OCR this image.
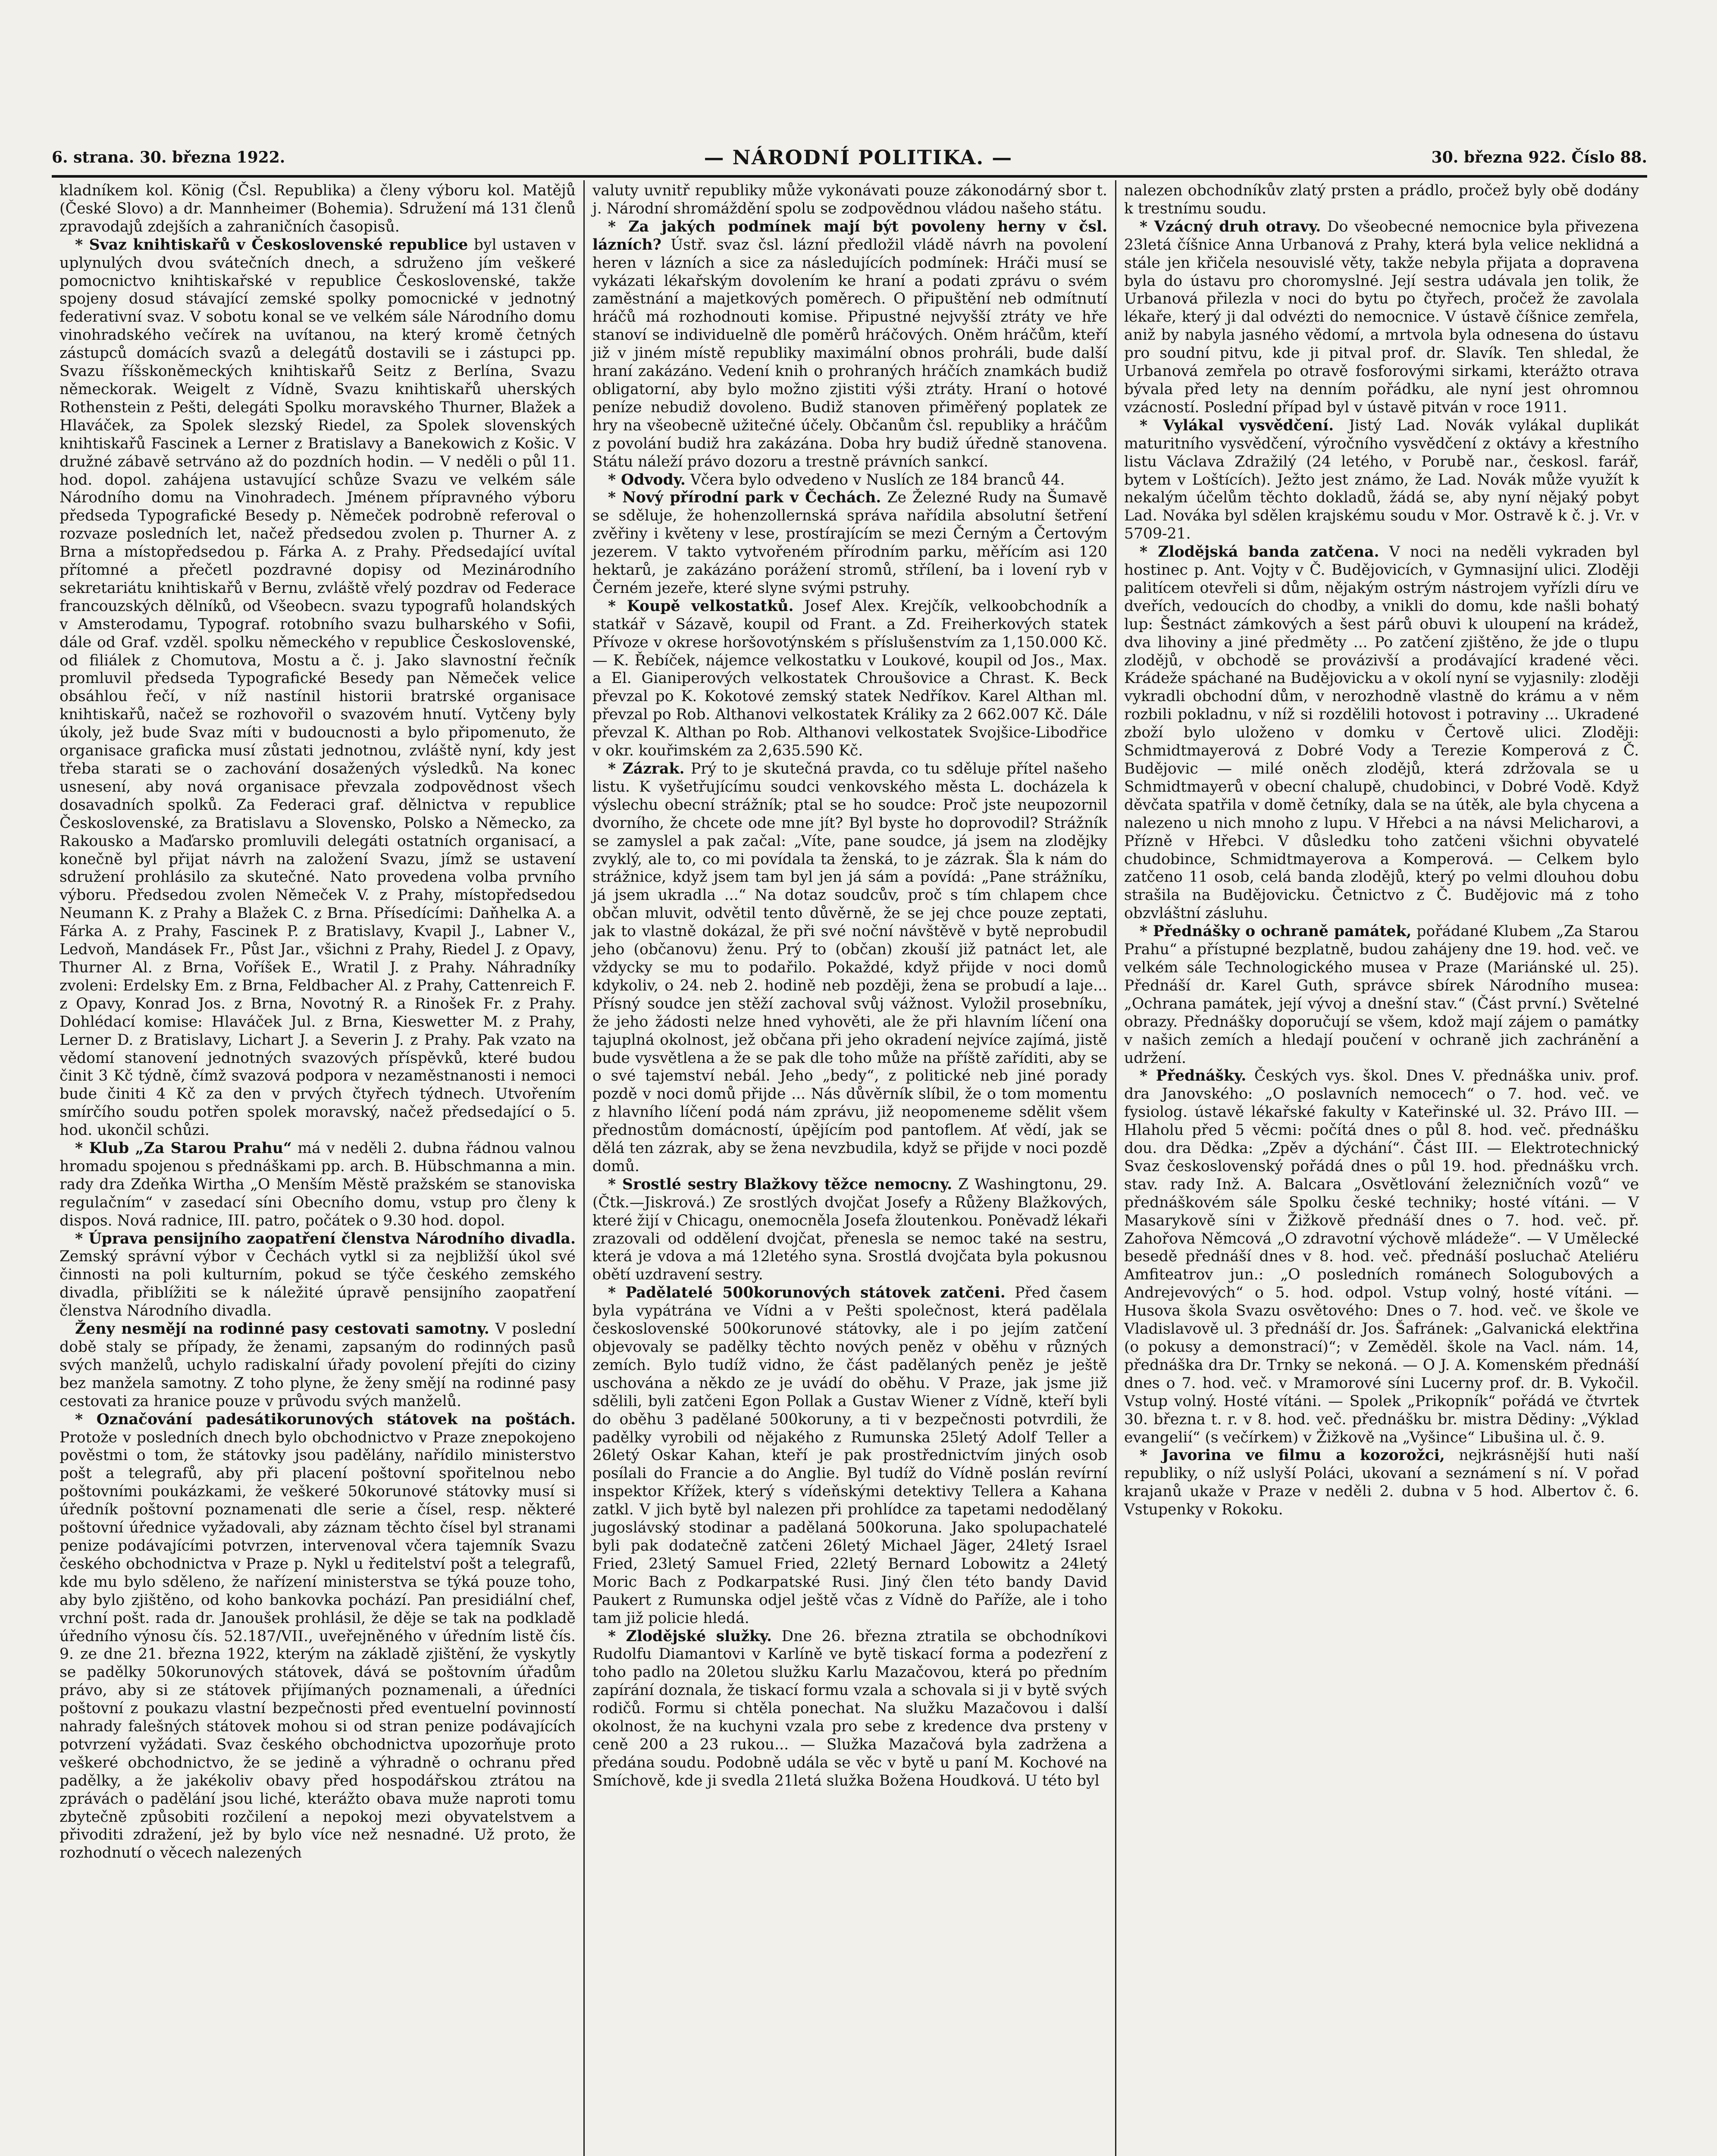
6. strana. 30. března 1922.	— NÁRODNÍ POLITIKA. —	30. března 922. Číslo 88.

kladníkem kol. König (Čsl. Republika) a členy výboru kol. Matějů (České Slovo) a dr. Mannheimer (Bohemia). Sdružení má 131 členů zpravodajů zdejších a zahraničních časopisů.

* Svaz knihtiskařů v Československé republice byl ustaven v uplynulých dvou svátečních dnech, a sdruženo jím veškeré pomocnictvo knihtiskařské v republice Československé, takže spojeny dosud stávající zemské spolky pomocnické v jednotný federativní svaz. V sobotu konal se ve velkém sále Národního domu vinohradského večírek na uvítanou, na který kromě četných zástupců domácích svazů a delegátů dostavili se i zástupci pp. Svazu říšskoněmeckých knihtiskařů Seitz z Berlína, Svazu německorak. Weigelt z Vídně, Svazu knihtiskařů uherských Rothenstein z Pešti, delegáti Spolku moravského Thurner, Blažek a Hlaváček, za Spolek slezský Riedel, za Spolek slovenských knihtiskařů Fascinek a Lerner z Bratislavy a Banekowich z Košic. V družné zábavě setrváno až do pozdních hodin. — V neděli o půl 11. hod. dopol. zahájena ustavující schůze Svazu ve velkém sále Národního domu na Vinohradech. Jménem přípravného výboru předseda Typografické Besedy p. Němeček podrobně referoval o rozvaze posledních let, načež předsedou zvolen p. Thurner A. z Brna a místopředsedou p. Fárka A. z Prahy. Předsedající uvítal přítomné a přečetl pozdravné dopisy od Mezinárodního sekretariátu knihtiskařů v Bernu, zvláště vřelý pozdrav od Federace francouzských dělníků, od Všeobecn. svazu typografů holandských v Amsterodamu, Typograf. rotobního svazu bulharského v Sofii, dále od Graf. vzděl. spolku německého v republice Československé, od filiálek z Chomutova, Mostu a č. j. Jako slavnostní řečník promluvil předseda Typografické Besedy pan Němeček velice obsáhlou řečí, v níž nastínil historii bratrské organisace knihtiskařů, načež se rozhovořil o svazovém hnutí. Vytčeny byly úkoly, jež bude Svaz míti v budoucnosti a bylo připomenuto, že organisace graficka musí zůstati jednotnou, zvláště nyní, kdy jest třeba starati se o zachování dosažených výsledků. Na konec usnesení, aby nová organisace převzala zodpovědnost všech dosavadních spolků. Za Federaci graf. dělnictva v republice Československé, za Bratislavu a Slovensko, Polsko a Německo, za Rakousko a Maďarsko promluvili delegáti ostatních organisací, a konečně byl přijat návrh na založení Svazu, jímž se ustavení sdružení prohlásilo za skutečné. Nato provedena volba prvního výboru. Předsedou zvolen Němeček V. z Prahy, místopředsedou Neumann K. z Prahy a Blažek C. z Brna. Přísedícími: Daňhelka A. a Fárka A. z Prahy, Fascinek P. z Bratislavy, Kvapil J., Labner V., Ledvoň, Mandásek Fr., Půst Jar., všichni z Prahy, Riedel J. z Opavy, Thurner Al. z Brna, Voříšek E., Wratil J. z Prahy. Náhradníky zvoleni: Erdelsky Em. z Brna, Feldbacher Al. z Prahy, Cattenreich F. z Opavy, Konrad Jos. z Brna, Novotný R. a Rinošek Fr. z Prahy. Dohlédací komise: Hlaváček Jul. z Brna, Kieswetter M. z Prahy, Lerner D. z Bratislavy, Lichart J. a Severin J. z Prahy. Pak vzato na vědomí stanovení jednotných svazových příspěvků, které budou činit 3 Kč týdně, čímž svazová podpora v nezaměstnanosti i nemoci bude činiti 4 Kč za den v prvých čtyřech týdnech. Utvořením smírčího soudu potřen spolek moravský, načež předsedající o 5. hod. ukončil schůzi.

* Klub „Za Starou Prahu“ má v neděli 2. dubna řádnou valnou hromadu spojenou s přednáškami pp. arch. B. Hübschmanna a min. rady dra Zdeňka Wirtha „O Menším Městě pražském se stanoviska regulačním“ v zasedací síni Obecního domu, vstup pro členy k dispos. Nová radnice, III. patro, počátek o 9.30 hod. dopol.

* Úprava pensijního zaopatření členstva Národního divadla. Zemský správní výbor v Čechách vytkl si za nejbližší úkol své činnosti na poli kulturním, pokud se týče českého zemského divadla, přiblížiti se k náležité úpravě pensijního zaopatření členstva Národního divadla.

Ženy nesmějí na rodinné pasy cestovati samotny. V poslední době staly se případy, že ženami, zapsaným do rodinných pasů svých manželů, uchylo radiskalní úřady povolení přejíti do ciziny bez manžela samotny. Z toho plyne, že ženy smějí na rodinné pasy cestovati za hranice pouze v průvodu svých manželů.

* Označování padesátikorunových státovek na poštách. Protože v posledních dnech bylo obchodnictvo v Praze znepokojeno pověstmi o tom, že státovky jsou padělány, nařídilo ministerstvo pošt a telegrafů, aby při placení poštovní spořitelnou nebo poštovními poukázkami, že veškeré 50korunové státovky musí si úředník poštovní poznamenati dle serie a čísel, resp. některé poštovní úřednice vyžadovali, aby záznam těchto čísel byl stranami penize podávajícími potvrzen, intervenoval včera tajemník Svazu českého obchodnictva v Praze p. Nykl u ředitelství pošt a telegrafů, kde mu bylo sděleno, že nařízení ministerstva se týká pouze toho, aby bylo zjištěno, od koho bankovka pochází. Pan presidiální chef, vrchní pošt. rada dr. Janoušek prohlásil, že děje se tak na podkladě úředního výnosu čís. 52.187/VII., uveřejněného v úředním listě čís. 9. ze dne 21. března 1922, kterým na základě zjištění, že vyskytly se padělky 50korunových státovek, dává se poštovním úřadům právo, aby si ze státovek přijímaných poznamenali, a úředníci poštovní z poukazu vlastní bezpečnosti před eventuelní povinností nahrady falešných státovek mohou si od stran penize podávajících potvrzení vyžádati. Svaz českého obchodnictva upozorňuje proto veškeré obchodnictvo, že se jedině a výhradně o ochranu před padělky, a že jakékoliv obavy před hospodářskou ztrátou na zprávách o padělání jsou liché, kterážto obava muže naproti tomu zbytečně způsobiti rozčilení a nepokoj mezi obyvatelstvem a přivoditi zdražení, jež by bylo více než nesnadné. Už proto, že rozhodnutí o věcech nalezených

valuty uvnitř republiky může vykonávati pouze zákonodárný sbor t. j. Národní shromáždění spolu se zodpovědnou vládou našeho státu.

* Za jakých podmínek mají být povoleny herny v čsl. lázních? Ústř. svaz čsl. lázní předložil vládě návrh na povolení heren v lázních a sice za následujících podmínek: Hráči musí se vykázati lékařským dovolením ke hraní a podati zprávu o svém zaměstnání a majetkových poměrech. O připuštění neb odmítnutí hráčů má rozhodnouti komise. Připustné nejvyšší ztráty ve hře stanoví se individuelně dle poměrů hráčových. Oněm hráčům, kteří již v jiném místě republiky maximální obnos prohráli, bude další hraní zakázáno. Vedení knih o prohraných hráčích znamkách budiž obligatorní, aby bylo možno zjistiti výši ztráty. Hraní o hotové peníze nebudiž dovoleno. Budiž stanoven přiměřený poplatek ze hry na všeobecně užitečné účely. Občanům čsl. republiky a hráčům z povolání budiž hra zakázána. Doba hry budiž úředně stanovena. Státu náleží právo dozoru a trestně právních sankcí.

* Odvody. Včera bylo odvedeno v Nuslích ze 184 branců 44.

* Nový přírodní park v Čechách. Ze Železné Rudy na Šumavě se sděluje, že hohenzollernská správa nařídila absolutní šetření zvěřiny i květeny v lese, prostírajícím se mezi Černým a Čertovým jezerem. V takto vytvořeném přírodním parku, měřícím asi 120 hektarů, je zakázáno porážení stromů, střílení, ba i lovení ryb v Černém jezeře, které slyne svými pstruhy.

* Koupě velkostatků. Josef Alex. Krejčík, velkoobchodník a statkář v Sázavě, koupil od Frant. a Zd. Freiherkových statek Přívoze v okrese horšovotýnském s příslušenstvím za 1,150.000 Kč. — K. Řebíček, nájemce velkostatku v Loukové, koupil od Jos., Max. a El. Gianiperových velkostatek Chroušovice a Chrast. K. Beck převzal po K. Kokotové zemský statek Nedříkov. Karel Althan ml. převzal po Rob. Althanovi velkostatek Králiky za 2 662.007 Kč. Dále převzal K. Althan po Rob. Althanovi velkostatek Svojšice-Libodřice v okr. kouřimském za 2,635.590 Kč.

* Zázrak. Prý to je skutečná pravda, co tu sděluje přítel našeho listu. K vyšetřujícímu soudci venkovského města L. docházela k výslechu obecní strážník; ptal se ho soudce: Proč jste neupozornil dvorního, že chcete ode mne jít? Byl byste ho doprovodil? Strážník se zamyslel a pak začal: „Víte, pane soudce, já jsem na zlodějky zvyklý, ale to, co mi povídala ta ženská, to je zázrak. Šla k nám do strážnice, když jsem tam byl jen já sám a povídá: „Pane strážníku, já jsem ukradla ...“ Na dotaz soudcův, proč s tím chlapem chce občan mluvit, odvětil tento důvěrně, že se jej chce pouze zeptati, jak to vlastně dokázal, že při své noční návštěvě v bytě neprobudil jeho (občanovu) ženu. Prý to (občan) zkouší již patnáct let, ale vždycky se mu to podařilo. Pokaždé, když přijde v noci domů kdykoliv, o 24. neb 2. hodině neb později, žena se probudí a laje... Přísný soudce jen stěží zachoval svůj vážnost. Vyložil prosebníku, že jeho žádosti nelze hned vyhověti, ale že při hlavním líčení ona tajuplná okolnost, jež občana při jeho okradení nejvíce zajímá, jistě bude vysvětlena a že se pak dle toho může na příště zaříditi, aby se o své tajemství nebál. Jeho „bedy“, z politické neb jiné porady pozdě v noci domů přijde ... Nás důvěrník slíbil, že o tom momentu z hlavního líčení podá nám zprávu, již neopomeneme sdělit všem přednostům domácností, úpějícím pod pantoflem. Ať vědí, jak se dělá ten zázrak, aby se žena nevzbudila, když se přijde v noci pozdě domů.

* Srostlé sestry Blažkovy těžce nemocny. Z Washingtonu, 29. (Čtk.—Jiskrová.) Ze srostlých dvojčat Josefy a Růženy Blažkových, které žijí v Chicagu, onemocněla Josefa žloutenkou. Poněvadž lékaři zrazovali od oddělení dvojčat, přenesla se nemoc také na sestru, která je vdova a má 12letého syna. Srostlá dvojčata byla pokusnou obětí uzdravení sestry.

* Padělatelé 500korunových státovek zatčeni. Před časem byla vypátrána ve Vídni a v Pešti společnost, která padělala československé 500korunové státovky, ale i po jejím zatčení objevovaly se padělky těchto nových peněz v oběhu v různých zemích. Bylo tudíž vidno, že část padělaných peněz je ještě uschována a někdo ze je uvádí do oběhu. V Praze, jak jsme již sdělili, byli zatčeni Egon Pollak a Gustav Wiener z Vídně, kteří byli do oběhu 3 padělané 500koruny, a ti v bezpečnosti potvrdili, že padělky vyrobili od nějakého z Rumunska 25letý Adolf Teller a 26letý Oskar Kahan, kteří je pak prostřednictvím jiných osob posílali do Francie a do Anglie. Byl tudíž do Vídně poslán revírní inspektor Křížek, který s vídeňskými detektivy Tellera a Kahana zatkl. V jich bytě byl nalezen při prohlídce za tapetami nedodělaný jugoslávský stodinar a padělaná 500koruna. Jako spolupachatelé byli pak dodatečně zatčeni 26letý Michael Jäger, 24letý Israel Fried, 23letý Samuel Fried, 22letý Bernard Lobowitz a 24letý Moric Bach z Podkarpatské Rusi. Jiný člen této bandy David Paukert z Rumunska odjel ještě včas z Vídně do Paříže, ale i toho tam již policie hledá.

* Zlodějské služky. Dne 26. března ztratila se obchodníkovi Rudolfu Diamantovi v Karlíně ve bytě tiskací forma a podezření z toho padlo na 20letou služku Karlu Mazačovou, která po předním zapírání doznala, že tiskací formu vzala a schovala si ji v bytě svých rodičů. Formu si chtěla ponechat. Na služku Mazačovou i další okolnost, že na kuchyni vzala pro sebe z kredence dva prsteny v ceně 200 a 23 rukou... — Služka Mazačová byla zadržena a předána soudu. Podobně udála se věc v bytě u paní M. Kochové na Smíchově, kde ji svedla 21letá služka Božena Houdková. U této byl

nalezen obchodníkův zlatý prsten a prádlo, pročež byly obě dodány k trestnímu soudu.

* Vzácný druh otravy. Do všeobecné nemocnice byla přivezena 23letá číšnice Anna Urbanová z Prahy, která byla velice neklidná a stále jen křičela nesouvislé věty, takže nebyla přijata a dopravena byla do ústavu pro choromyslné. Její sestra udávala jen tolik, že Urbanová přilezla v noci do bytu po čtyřech, pročež že zavolala lékaře, který ji dal odvézti do nemocnice. V ústavě číšnice zemřela, aniž by nabyla jasného vědomí, a mrtvola byla odnesena do ústavu pro soudní pitvu, kde ji pitval prof. dr. Slavík. Ten shledal, že Urbanová zemřela po otravě fosforovými sirkami, kterážto otrava bývala před lety na denním pořádku, ale nyní jest ohromnou vzácností. Poslední případ byl v ústavě pitván v roce 1911.

* Vylákal vysvědčení. Jistý Lad. Novák vylákal duplikát maturitního vysvědčení, výročního vysvědčení z oktávy a křestního listu Václava Zdražilý (24 letého, v Porubě nar., českosl. farář, bytem v Loštících). Ježto jest známo, že Lad. Novák může využít k nekalým účelům těchto dokladů, žádá se, aby nyní nějaký pobyt Lad. Nováka byl sdělen krajskému soudu v Mor. Ostravě k č. j. Vr. v 5709-21.

* Zlodějská banda zatčena. V noci na neděli vykraden byl hostinec p. Ant. Vojty v Č. Budějovicích, v Gymnasijní ulici. Zloději palitícem otevřeli si dům, nějakým ostrým nástrojem vyřízli díru ve dveřích, vedoucích do chodby, a vnikli do domu, kde našli bohatý lup: Šestnáct zámkových a šest párů obuvi k uloupení na krádež, dva lihoviny a jiné předměty ... Po zatčení zjištěno, že jde o tlupu zlodějů, v obchodě se provázivší a prodávající kradené věci. Krádeže spáchané na Budějovicku a v okolí nyní se vyjasnily: zloději vykradli obchodní dům, v nerozhodně vlastně do krámu a v něm rozbili pokladnu, v níž si rozdělili hotovost i potraviny ... Ukradené zboží bylo uloženo v domku v Čertově ulici. Zloději: Schmidtmayerová z Dobré Vody a Terezie Komperová z Č. Budějovic — milé oněch zlodějů, která zdržovala se u Schmidtmayerů v obecní chalupě, chudobinci, v Dobré Vodě. Když děvčata spatřila v domě četníky, dala se na útěk, ale byla chycena a nalezeno u nich mnoho z lupu. V Hřebci a na návsi Melicharovi, a Přízně v Hřebci. V důsledku toho zatčeni všichni obyvatelé chudobince, Schmidtmayerova a Komperová. — Celkem bylo zatčeno 11 osob, celá banda zlodějů, který po velmi dlouhou dobu strašila na Budějovicku. Četnictvo z Č. Budějovic má z toho obzvláštní zásluhu.

* Přednášky o ochraně památek, pořádané Klubem „Za Starou Prahu“ a přístupné bezplatně, budou zahájeny dne 19. hod. več. ve velkém sále Technologického musea v Praze (Mariánské ul. 25). Přednáší dr. Karel Guth, správce sbírek Národního musea: „Ochrana památek, její vývoj a dnešní stav.“ (Část první.) Světelné obrazy. Přednášky doporučují se všem, kdož mají zájem o památky v našich zemích a hledají poučení v ochraně jich zachránění a udržení.

* Přednášky. Českých vys. škol. Dnes V. přednáška univ. prof. dra Janovského: „O poslavních nemocech“ o 7. hod. več. ve fysiolog. ústavě lékařské fakulty v Kateřinské ul. 32. Právo III. — Hlaholu před 5 věcmi: počítá dnes o půl 8. hod. več. přednášku dou. dra Dědka: „Zpěv a dýchání“. Část III. — Elektrotechnický Svaz československý pořádá dnes o půl 19. hod. přednášku vrch. stav. rady Inž. A. Balcara „Osvětlování železničních vozů“ ve přednáškovém sále Spolku české techniky; hosté vítáni. — V Masarykově síni v Žižkově přednáší dnes o 7. hod. več. př. Zahořova Němcová „O zdravotní výchově mládeže“. — V Umělecké besedě přednáší dnes v 8. hod. več. přednáší posluchač Ateliéru Amfiteatrov jun.: „O posledních románech Sologubových a Andrejevových“ o 5. hod. odpol. Vstup volný, hosté vítáni. — Husova škola Svazu osvětového: Dnes o 7. hod. več. ve škole ve Vladislavově ul. 3 přednáší dr. Jos. Šafránek: „Galvanická elektřina (o pokusy a demonstrací)“; v Zeměděl. škole na Vacl. nám. 14, přednáška dra Dr. Trnky se nekoná. — O J. A. Komenském přednáší dnes o 7. hod. več. v Mramorové síni Lucerny prof. dr. B. Vykočil. Vstup volný. Hosté vítáni. — Spolek „Prikopník“ pořádá ve čtvrtek 30. března t. r. v 8. hod. več. přednášku br. mistra Dědiny: „Výklad evangelií“ (s večírkem) v Žižkově na „Vyšince“ Libušina ul. č. 9.

* Javorina ve filmu a kozorožci, nejkrásnější huti naší republiky, o níž uslyší Poláci, ukovaní a seznámení s ní. V pořad krajanů ukaže v Praze v neděli 2. dubna v 5 hod. Albertov č. 6. Vstupenky v Rokoku.
